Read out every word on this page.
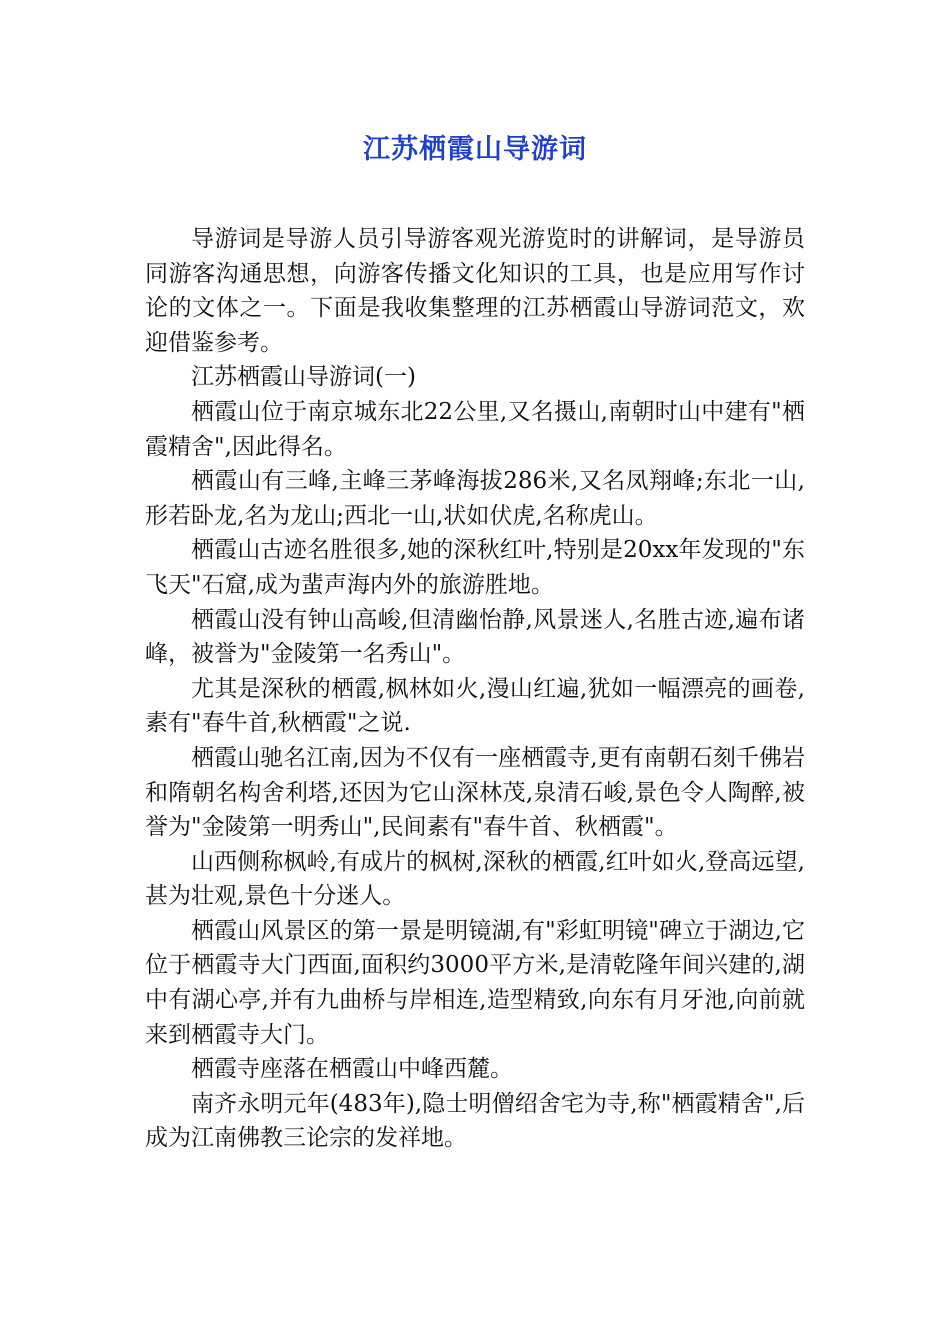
江苏栖霞山导游词

导游词是导游人员引导游客观光游览时的讲解词，是导游员同游客沟通思想，向游客传播文化知识的工具，也是应用写作讨论的文体之一。下面是我收集整理的江苏栖霞山导游词范文，欢迎借鉴参考。

江苏栖霞山导游词(一)

栖霞山位于南京城东北22公里,又名摄山,南朝时山中建有"栖霞精舍",因此得名。

栖霞山有三峰,主峰三茅峰海拔286米,又名凤翔峰;东北一山,形若卧龙,名为龙山;西北一山,状如伏虎,名称虎山。

栖霞山古迹名胜很多,她的深秋红叶,特别是20xx年发现的"东飞天"石窟,成为蜚声海内外的旅游胜地。

栖霞山没有钟山高峻,但清幽怡静,风景迷人,名胜古迹,遍布诸峰，被誉为"金陵第一名秀山"。

尤其是深秋的栖霞,枫林如火,漫山红遍,犹如一幅漂亮的画卷,素有"春牛首,秋栖霞"之说.

栖霞山驰名江南,因为不仅有一座栖霞寺,更有南朝石刻千佛岩和隋朝名构舍利塔,还因为它山深林茂,泉清石峻,景色令人陶醉,被誉为"金陵第一明秀山",民间素有"春牛首、秋栖霞"。

山西侧称枫岭,有成片的枫树,深秋的栖霞,红叶如火,登高远望,甚为壮观,景色十分迷人。

栖霞山风景区的第一景是明镜湖,有"彩虹明镜"碑立于湖边,它位于栖霞寺大门西面,面积约3000平方米,是清乾隆年间兴建的,湖中有湖心亭,并有九曲桥与岸相连,造型精致,向东有月牙池,向前就来到栖霞寺大门。

栖霞寺座落在栖霞山中峰西麓。

南齐永明元年(483年),隐士明僧绍舍宅为寺,称"栖霞精舍",后成为江南佛教三论宗的发祥地。
